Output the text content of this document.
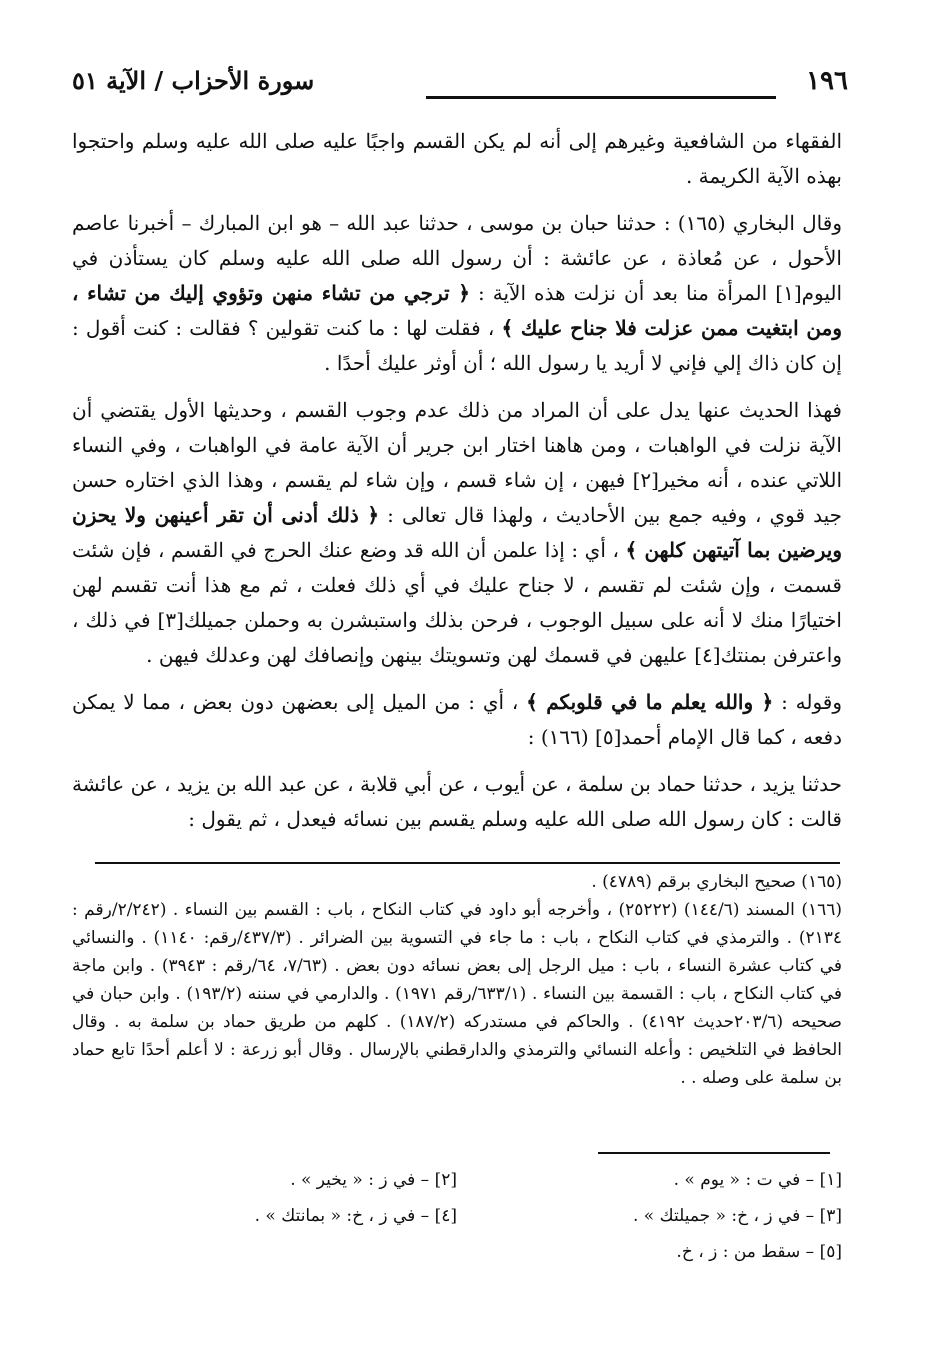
١٩٦
سورة الأحزاب / الآية ٥١

الفقهاء من الشافعية وغيرهم إلى أنه لم يكن القسم واجبًا عليه صلى الله عليه وسلم واحتجوا بهذه الآية الكريمة .

وقال البخاري (١٦٥) : حدثنا حبان بن موسى ، حدثنا عبد الله – هو ابن المبارك – أخبرنا عاصم الأحول ، عن مُعاذة ، عن عائشة : أن رسول الله صلى الله عليه وسلم كان يستأذن في اليوم[١] المرأة منا بعد أن نزلت هذه الآية : ﴿ ترجي من تشاء منهن وتؤوي إليك من تشاء ، ومن ابتغيت ممن عزلت فلا جناح عليك ﴾ ، فقلت لها : ما كنت تقولين ؟ فقالت : كنت أقول : إن كان ذاك إلي فإني لا أريد يا رسول الله ؛ أن أوثر عليك أحدًا .

فهذا الحديث عنها يدل على أن المراد من ذلك عدم وجوب القسم ، وحديثها الأول يقتضي أن الآية نزلت في الواهبات ، ومن هاهنا اختار ابن جرير أن الآية عامة في الواهبات ، وفي النساء اللاتي عنده ، أنه مخير[٢] فيهن ، إن شاء قسم ، وإن شاء لم يقسم ، وهذا الذي اختاره حسن جيد قوي ، وفيه جمع بين الأحاديث ، ولهذا قال تعالى : ﴿ ذلك أدنى أن تقر أعينهن ولا يحزن ويرضين بما آتيتهن كلهن ﴾ ، أي : إذا علمن أن الله قد وضع عنك الحرج في القسم ، فإن شئت قسمت ، وإن شئت لم تقسم ، لا جناح عليك في أي ذلك فعلت ، ثم مع هذا أنت تقسم لهن اختيارًا منك لا أنه على سبيل الوجوب ، فرحن بذلك واستبشرن به وحملن جميلك[٣] في ذلك ، واعترفن بمنتك[٤] عليهن في قسمك لهن وتسويتك بينهن وإنصافك لهن وعدلك فيهن .

وقوله : ﴿ والله يعلم ما في قلوبكم ﴾ ، أي : من الميل إلى بعضهن دون بعض ، مما لا يمكن دفعه ، كما قال الإمام أحمد[٥] (١٦٦) :

حدثنا يزيد ، حدثنا حماد بن سلمة ، عن أيوب ، عن أبي قلابة ، عن عبد الله بن يزيد ، عن عائشة قالت : كان رسول الله صلى الله عليه وسلم يقسم بين نسائه فيعدل ، ثم يقول :

(١٦٥) صحيح البخاري برقم (٤٧٨٩) .

(١٦٦) المسند (١٤٤/٦) (٢٥٢٢٢) ، وأخرجه أبو داود في كتاب النكاح ، باب : القسم بين النساء . (٢/٢٤٢/رقم : ٢١٣٤) . والترمذي في كتاب النكاح ، باب : ما جاء في التسوية بين الضرائر . (٤٣٧/٣/رقم: ١١٤٠) . والنسائي في كتاب عشرة النساء ، باب : ميل الرجل إلى بعض نسائه دون بعض . (٧/٦٣، ٦٤/رقم : ٣٩٤٣) . وابن ماجة في كتاب النكاح ، باب : القسمة بين النساء . (٦٣٣/١/رقم ١٩٧١) . والدارمي في سننه (١٩٣/٢) . وابن حبان في صحيحه (٢٠٣/٦حديث ٤١٩٢) . والحاكم في مستدركه (١٨٧/٢) . كلهم من طريق حماد بن سلمة به . وقال الحافظ في التلخيص : وأعله النسائي والترمذي والدارقطني بالإرسال . وقال أبو زرعة : لا أعلم أحدًا تابع حماد بن سلمة على وصله . .

[١] – في ت : « يوم » .
[٢] – في ز : « يخير » .
[٣] – في ز ، خ: « جميلتك » .
[٤] – في ز ، خ: « بمانتك » .
[٥] – سقط من : ز ، خ.
